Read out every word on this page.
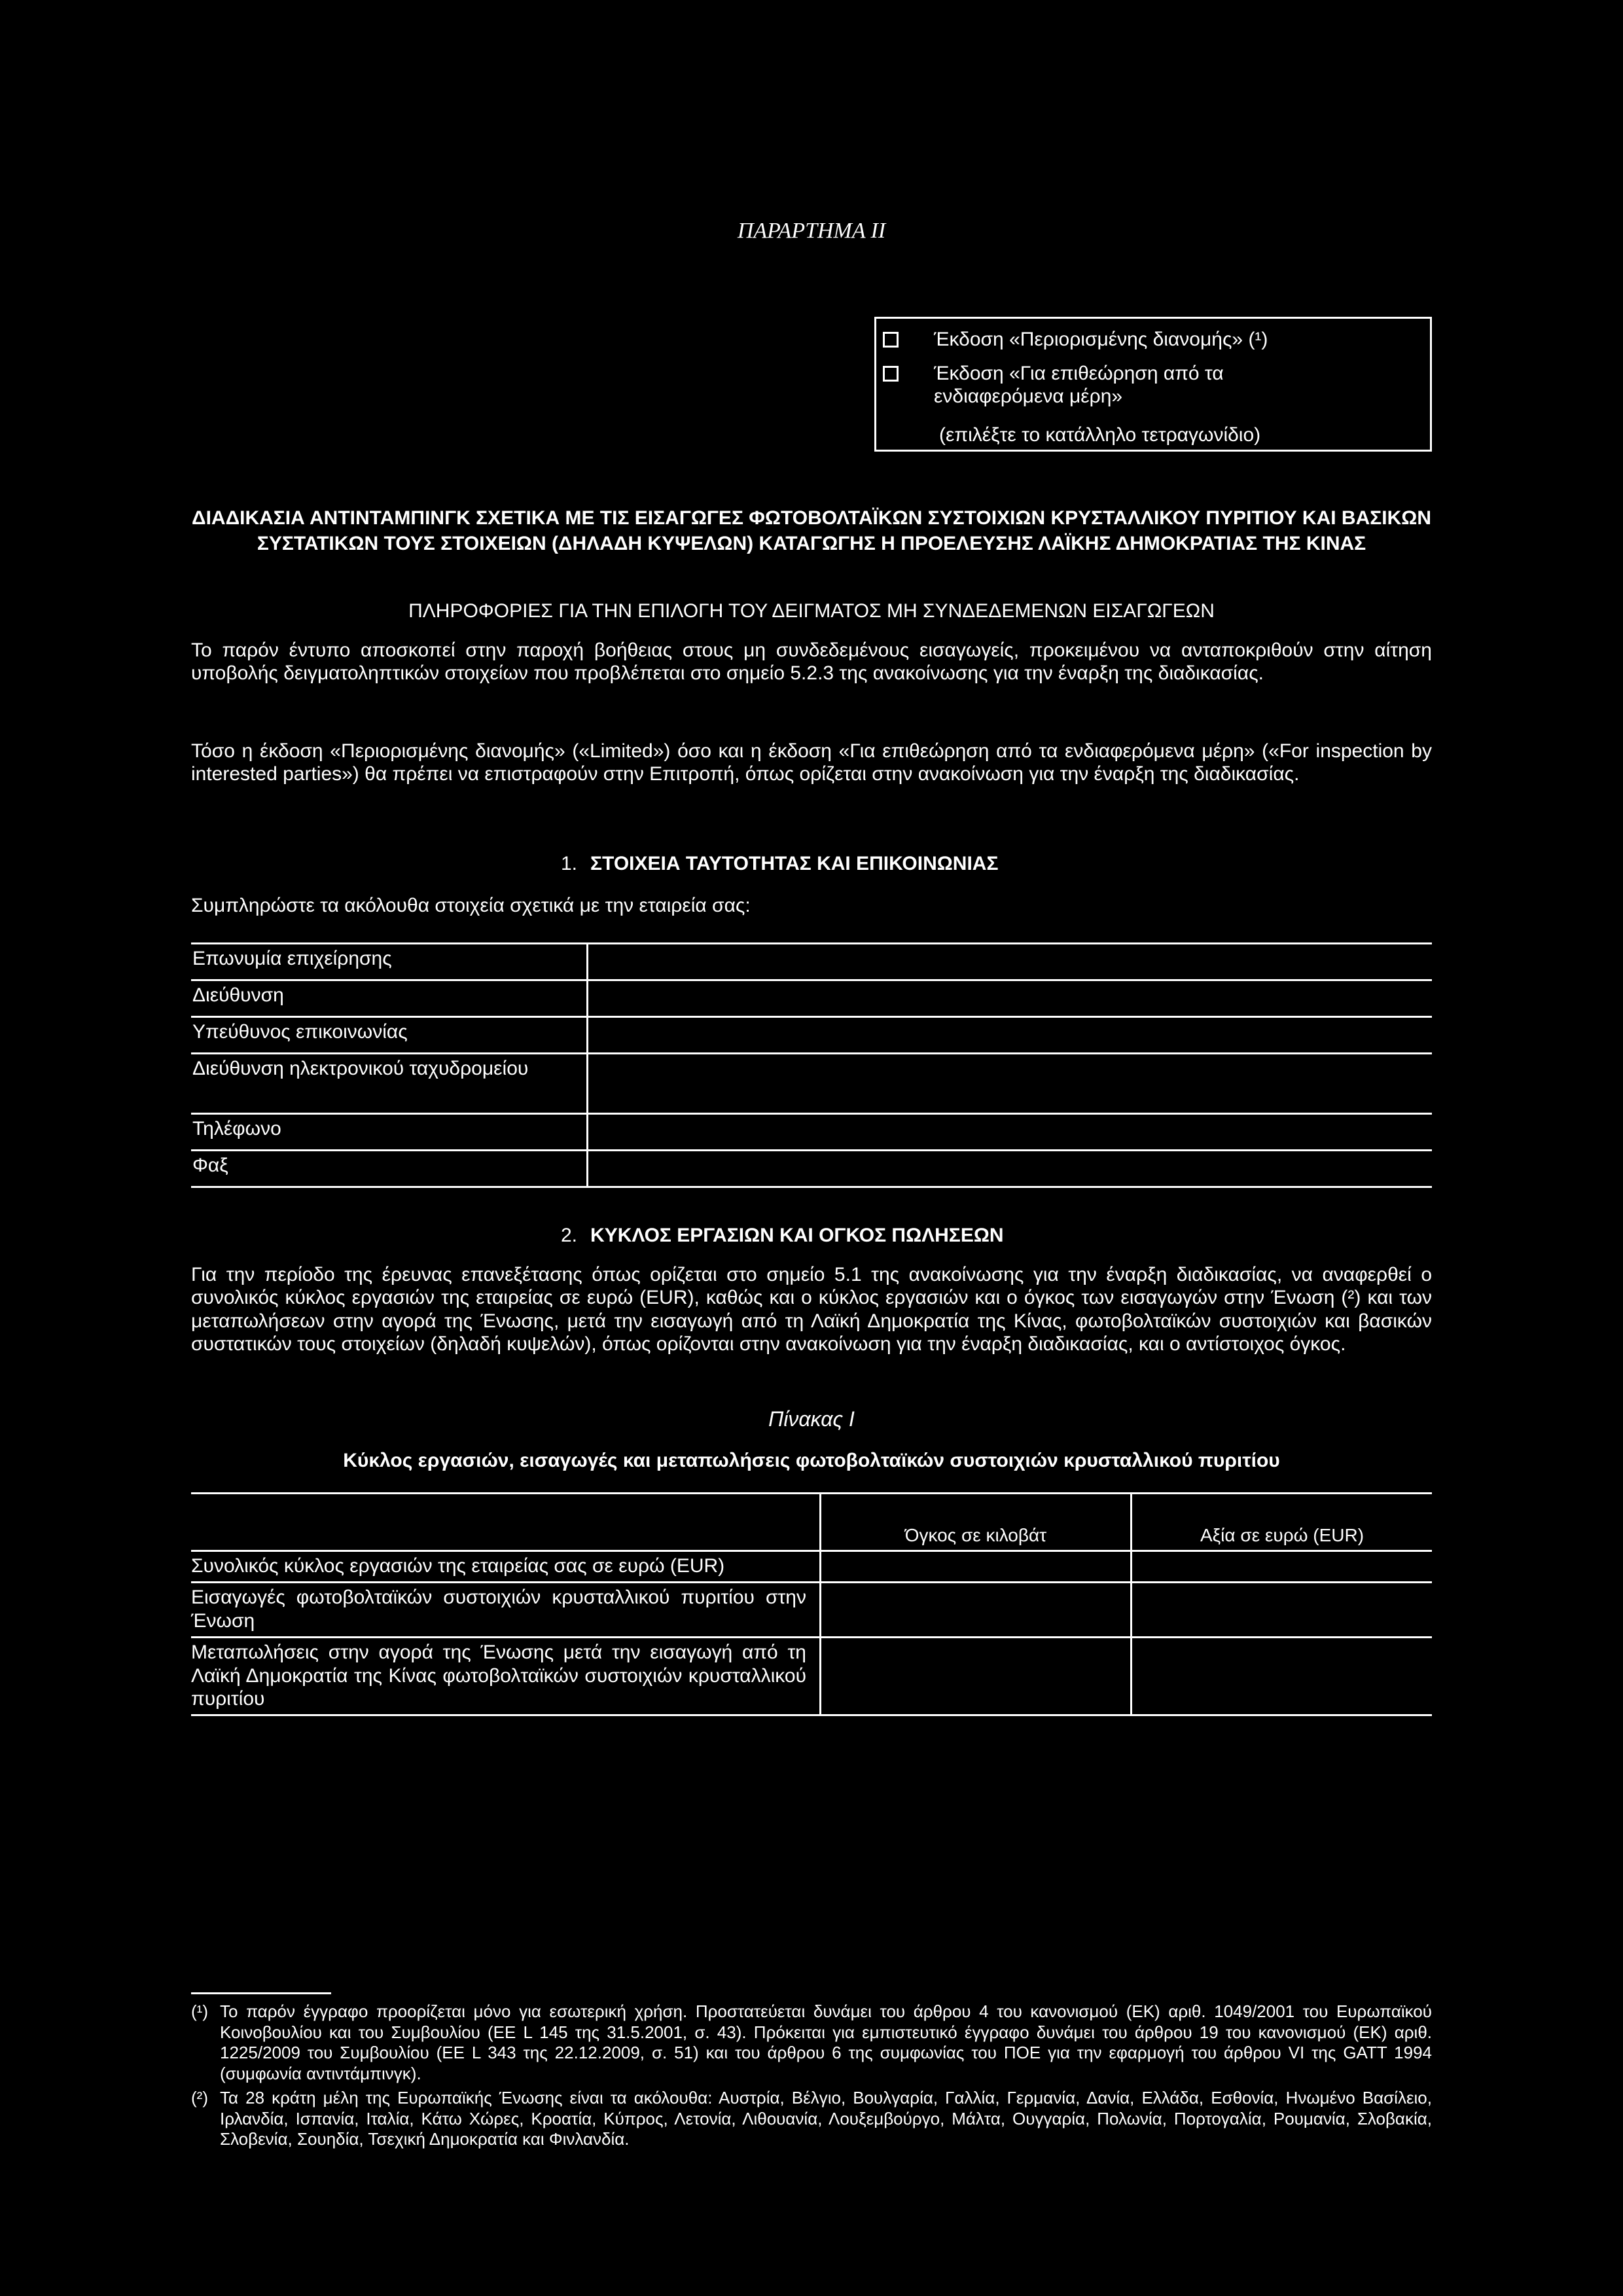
ΠΑΡΑΡΤΗΜΑ II
Έκδοση «Περιορισμένης διανομής» (¹)
Έκδοση «Για επιθεώρηση από τα
ενδιαφερόμενα μέρη»
(επιλέξτε το κατάλληλο τετραγωνίδιο)
ΔΙΑΔΙΚΑΣΙΑ ΑΝΤΙΝΤΑΜΠΙΝΓΚ ΣΧΕΤΙΚΑ ΜΕ ΤΙΣ ΕΙΣΑΓΩΓΕΣ ΦΩΤΟΒΟΛΤΑΪΚΩΝ ΣΥΣΤΟΙΧΙΩΝ ΚΡΥΣΤΑΛΛΙΚΟΥ ΠΥΡΙΤΙΟΥ ΚΑΙ ΒΑΣΙΚΩΝ ΣΥΣΤΑΤΙΚΩΝ ΤΟΥΣ ΣΤΟΙΧΕΙΩΝ (ΔΗΛΑΔΗ ΚΥΨΕΛΩΝ) ΚΑΤΑΓΩΓΗΣ Η ΠΡΟΕΛΕΥΣΗΣ ΛΑΪΚΗΣ ΔΗΜΟΚΡΑΤΙΑΣ ΤΗΣ ΚΙΝΑΣ
ΠΛΗΡΟΦΟΡΙΕΣ ΓΙΑ ΤΗΝ ΕΠΙΛΟΓΗ ΤΟΥ ΔΕΙΓΜΑΤΟΣ ΜΗ ΣΥΝΔΕΔΕΜΕΝΩΝ ΕΙΣΑΓΩΓΕΩΝ
Το παρόν έντυπο αποσκοπεί στην παροχή βοήθειας στους μη συνδεδεμένους εισαγωγείς, προκειμένου να ανταποκριθούν στην αίτηση υποβολής δειγματοληπτικών στοιχείων που προβλέπεται στο σημείο 5.2.3 της ανακοίνωσης για την έναρξη της διαδικασίας.
Τόσο η έκδοση «Περιορισμένης διανομής» («Limited») όσο και η έκδοση «Για επιθεώρηση από τα ενδιαφερόμενα μέρη» («For inspection by interested parties») θα πρέπει να επιστραφούν στην Επιτροπή, όπως ορίζεται στην ανακοίνωση για την έναρξη της διαδικασίας.
1. ΣΤΟΙΧΕΙΑ ΤΑΥΤΟΤΗΤΑΣ ΚΑΙ ΕΠΙΚΟΙΝΩΝΙΑΣ
Συμπληρώστε τα ακόλουθα στοιχεία σχετικά με την εταιρεία σας:
Επωνυμία επιχείρησης	
Διεύθυνση	
Υπεύθυνος επικοινωνίας	
Διεύθυνση ηλεκτρονικού ταχυδρομείου	
Τηλέφωνο	
Φαξ	
2. ΚΥΚΛΟΣ ΕΡΓΑΣΙΩΝ ΚΑΙ ΟΓΚΟΣ ΠΩΛΗΣΕΩΝ
Για την περίοδο της έρευνας επανεξέτασης όπως ορίζεται στο σημείο 5.1 της ανακοίνωσης για την έναρξη διαδικασίας, να αναφερθεί ο συνολικός κύκλος εργασιών της εταιρείας σε ευρώ (EUR), καθώς και ο κύκλος εργασιών και ο όγκος των εισαγωγών στην Ένωση (²) και των μεταπωλήσεων στην αγορά της Ένωσης, μετά την εισαγωγή από τη Λαϊκή Δημοκρατία της Κίνας, φωτοβολταϊκών συστοιχιών και βασικών συστατικών τους στοιχείων (δηλαδή κυψελών), όπως ορίζονται στην ανακοίνωση για την έναρξη διαδικασίας, και ο αντίστοιχος όγκος.
Πίνακας I
Κύκλος εργασιών, εισαγωγές και μεταπωλήσεις φωτοβολταϊκών συστοιχιών κρυσταλλικού πυριτίου
	Όγκος σε κιλοβάτ	Αξία σε ευρώ (EUR)
Συνολικός κύκλος εργασιών της εταιρείας σας σε ευρώ (EUR)		
Εισαγωγές φωτοβολταϊκών συστοιχιών κρυσταλλικού πυριτίου στην Ένωση		
Μεταπωλήσεις στην αγορά της Ένωσης μετά την εισαγωγή από τη Λαϊκή Δημοκρατία της Κίνας φωτοβολταϊκών συστοιχιών κρυσταλλικού πυριτίου		
(¹) Το παρόν έγγραφο προορίζεται μόνο για εσωτερική χρήση. Προστατεύεται δυνάμει του άρθρου 4 του κανονισμού (ΕΚ) αριθ. 1049/2001 του Ευρωπαϊκού Κοινοβουλίου και του Συμβουλίου (ΕΕ L 145 της 31.5.2001, σ. 43). Πρόκειται για εμπιστευτικό έγγραφο δυνάμει του άρθρου 19 του κανονισμού (ΕΚ) αριθ. 1225/2009 του Συμβουλίου (ΕΕ L 343 της 22.12.2009, σ. 51) και του άρθρου 6 της συμφωνίας του ΠΟΕ για την εφαρμογή του άρθρου VI της GATT 1994 (συμφωνία αντιντάμπινγκ).
(²) Τα 28 κράτη μέλη της Ευρωπαϊκής Ένωσης είναι τα ακόλουθα: Αυστρία, Βέλγιο, Βουλγαρία, Γαλλία, Γερμανία, Δανία, Ελλάδα, Εσθονία, Ηνωμένο Βασίλειο, Ιρλανδία, Ισπανία, Ιταλία, Κάτω Χώρες, Κροατία, Κύπρος, Λετονία, Λιθουανία, Λουξεμβούργο, Μάλτα, Ουγγαρία, Πολωνία, Πορτογαλία, Ρουμανία, Σλοβακία, Σλοβενία, Σουηδία, Τσεχική Δημοκρατία και Φινλανδία.
